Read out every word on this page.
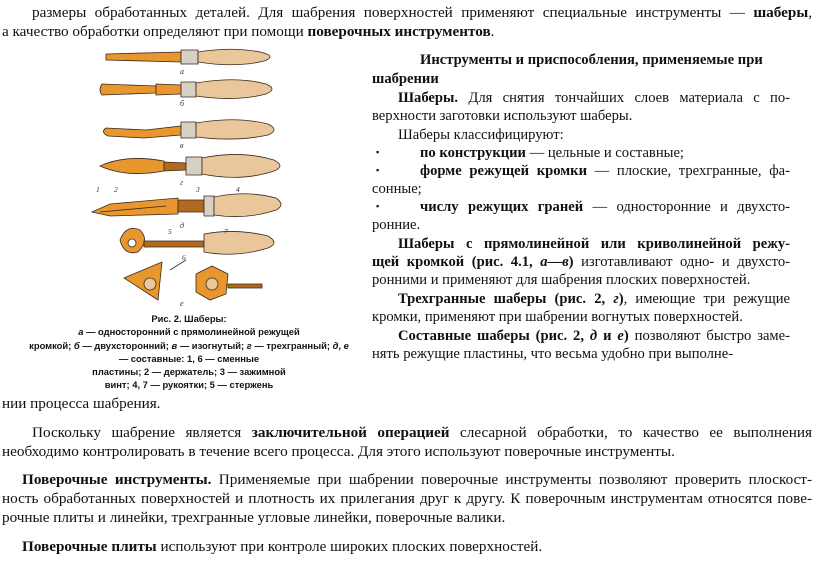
размеры обработанных деталей. Для шабрения поверхностей применяют специальные инструменты — шаберы,
а качество обработки определяют при помощи поверочных инструментов.
а
б
в
г
д
е
1 2	3	4
5
6
7
Рис. 2. Шаберы:
а — односторонний с прямолинейной режущей
кромкой; б — двухсторонний; в — изогнутый; г — трехгранный; д, е
— составные: 1, 6 — сменные
пластины; 2 — держатель; 3 — зажимной
винт; 4, 7 — рукоятки; 5 — стержень
Инструменты и приспособления, применяемые при
шабрении
Шаберы. Для снятия тончайших слоев материала с по-
верхности заготовки используют шаберы.
Шаберы классифицируют:
▪	по конструкции — цельные и составные;
▪	форме режущей кромки — плоские, трехгранные, фа-
сонные;
▪	числу режущих граней — односторонние и двухсто-
ронние.
Шаберы с прямолинейной или криволинейной режу-
щей кромкой (рис. 4.1, а—в) изготавливают одно- и двухсто-
ронними и применяют для шабрения плоских поверхностей.
Трехгранные шаберы (рис. 2, г), имеющие три режущие
кромки, применяют при шабрении вогнутых поверхностей.
Составные шаберы (рис. 2, д и е) позволяют быстро заме-
нять режущие пластины, что весьма удобно при выполне-
нии процесса шабрения.
Поскольку шабрение является заключительной операцией слесарной обработки, то качество ее выполнения
необходимо контролировать в течение всего процесса. Для этого используют поверочные инструменты.
Поверочные инструменты. Применяемые при шабрении поверочные инструменты позволяют проверить плоскост-
ность обработанных поверхностей и плотность их прилегания друг к другу. К поверочным инструментам относятся пове-
рочные плиты и линейки, трехгранные угловые линейки, поверочные валики.
Поверочные плиты используют при контроле широких плоских поверхностей.
